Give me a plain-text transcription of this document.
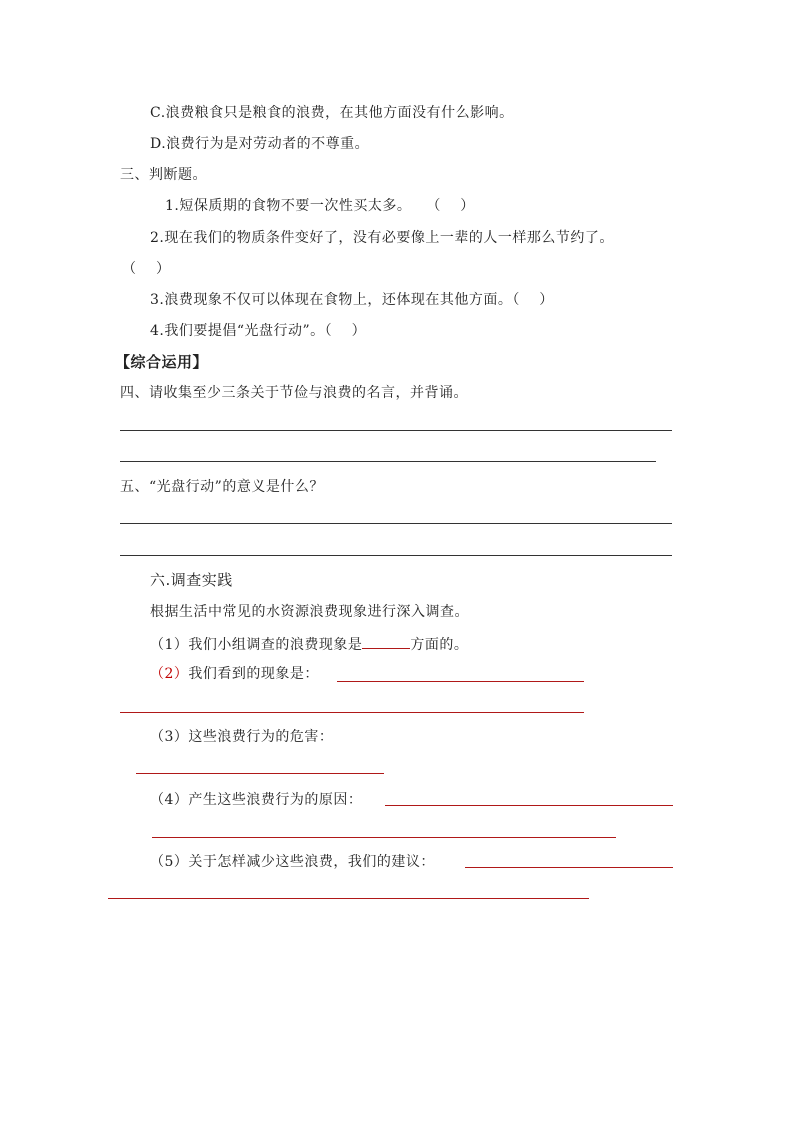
C.浪费粮食只是粮食的浪费，在其他方面没有什么影响。
D.浪费行为是对劳动者的不尊重。
三、判断题。
1.短保质期的食物不要一次性买太多。　　（　 ）
2.现在我们的物质条件变好了，没有必要像上一辈的人一样那么节约了。
（　 ）
3.浪费现象不仅可以体现在食物上，还体现在其他方面。（　 ）
4.我们要提倡“光盘行动”。（　 ）
【综合运用】
四、请收集至少三条关于节俭与浪费的名言，并背诵。
五、“光盘行动”的意义是什么？
六.调查实践
根据生活中常见的水资源浪费现象进行深入调查。
（1）我们小组调查的浪费现象是	方面的。
（2）我们看到的现象是：
（3）这些浪费行为的危害：
（4）产生这些浪费行为的原因：
（5）关于怎样减少这些浪费，我们的建议：
